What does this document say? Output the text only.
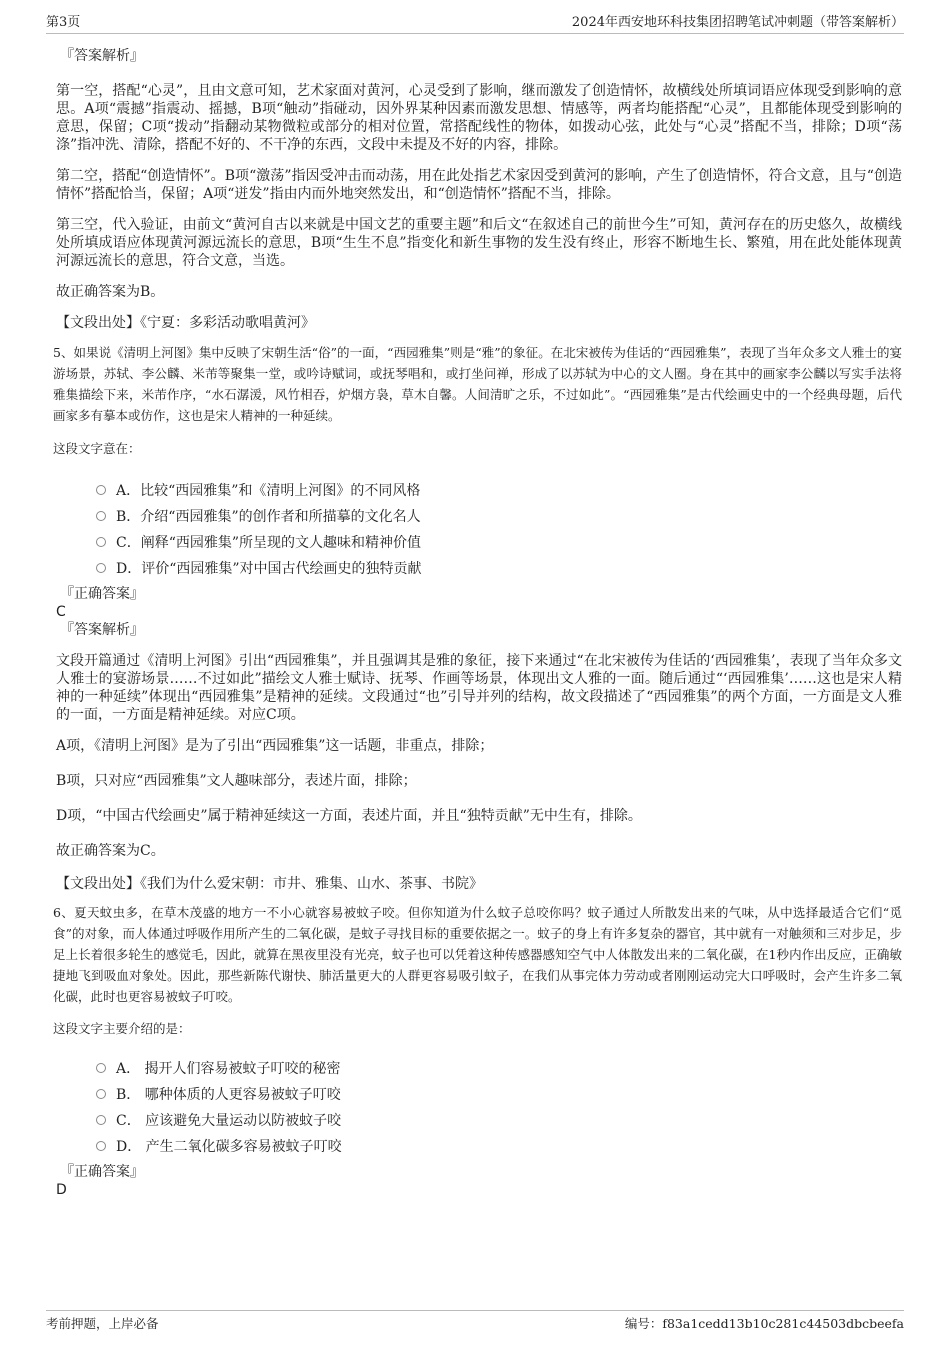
第3页	2024年西安地环科技集团招聘笔试冲刺题（带答案解析）
『答案解析』
第一空，搭配“心灵”，且由文意可知，艺术家面对黄河，心灵受到了影响，继而激发了创造情怀，故横线处所填词语应体现受到影响的意思。A项“震撼”指震动、摇撼，B项“触动”指碰动，因外界某种因素而激发思想、情感等，两者均能搭配“心灵”，且都能体现受到影响的意思，保留；C项“拨动”指翻动某物微粒或部分的相对位置，常搭配线性的物体，如拨动心弦，此处与“心灵”搭配不当，排除；D项“荡涤”指冲洗、清除，搭配不好的、不干净的东西，文段中未提及不好的内容，排除。
第二空，搭配“创造情怀”。B项“激荡”指因受冲击而动荡，用在此处指艺术家因受到黄河的影响，产生了创造情怀，符合文意，且与“创造情怀”搭配恰当，保留；A项“迸发”指由内而外地突然发出，和“创造情怀”搭配不当，排除。
第三空，代入验证，由前文“黄河自古以来就是中国文艺的重要主题”和后文“在叙述自己的前世今生”可知，黄河存在的历史悠久，故横线处所填成语应体现黄河源远流长的意思，B项“生生不息”指变化和新生事物的发生没有终止，形容不断地生长、繁殖，用在此处能体现黄河源远流长的意思，符合文意，当选。
故正确答案为B。
【文段出处】《宁夏：多彩活动歌唱黄河》
5、如果说《清明上河图》集中反映了宋朝生活“俗”的一面，“西园雅集”则是“雅”的象征。在北宋被传为佳话的“西园雅集”，表现了当年众多文人雅士的宴游场景，苏轼、李公麟、米芾等聚集一堂，或吟诗赋词，或抚琴唱和，或打坐问禅，形成了以苏轼为中心的文人圈。身在其中的画家李公麟以写实手法将雅集描绘下来，米芾作序，“水石潺湲，风竹相吞，炉烟方袅，草木自馨。人间清旷之乐，不过如此”。“西园雅集”是古代绘画史中的一个经典母题，后代画家多有摹本或仿作，这也是宋人精神的一种延续。
这段文字意在：
A．比较“西园雅集”和《清明上河图》的不同风格
B．介绍“西园雅集”的创作者和所描摹的文化名人
C．阐释“西园雅集”所呈现的文人趣味和精神价值
D．评价“西园雅集”对中国古代绘画史的独特贡献
『正确答案』
C
『答案解析』
文段开篇通过《清明上河图》引出“西园雅集”，并且强调其是雅的象征，接下来通过“在北宋被传为佳话的‘西园雅集’，表现了当年众多文人雅士的宴游场景……不过如此”描绘文人雅士赋诗、抚琴、作画等场景，体现出文人雅的一面。随后通过“‘西园雅集’……这也是宋人精神的一种延续”体现出“西园雅集”是精神的延续。文段通过“也”引导并列的结构，故文段描述了“西园雅集”的两个方面，一方面是文人雅的一面，一方面是精神延续。对应C项。
A项，《清明上河图》是为了引出“西园雅集”这一话题，非重点，排除；
B项，只对应“西园雅集”文人趣味部分，表述片面，排除；
D项，“中国古代绘画史”属于精神延续这一方面，表述片面，并且“独特贡献”无中生有，排除。
故正确答案为C。
【文段出处】《我们为什么爱宋朝：市井、雅集、山水、茶事、书院》
6、夏天蚊虫多，在草木茂盛的地方一不小心就容易被蚊子咬。但你知道为什么蚊子总咬你吗？蚊子通过人所散发出来的气味，从中选择最适合它们“觅食”的对象，而人体通过呼吸作用所产生的二氧化碳，是蚊子寻找目标的重要依据之一。蚊子的身上有许多复杂的器官，其中就有一对触须和三对步足，步足上长着很多轮生的感觉毛，因此，就算在黑夜里没有光亮，蚊子也可以凭着这种传感器感知空气中人体散发出来的二氧化碳，在1秒内作出反应，正确敏捷地飞到吸血对象处。因此，那些新陈代谢快、肺活量更大的人群更容易吸引蚊子，在我们从事完体力劳动或者刚刚运动完大口呼吸时，会产生许多二氧化碳，此时也更容易被蚊子叮咬。
这段文字主要介绍的是：
A． 揭开人们容易被蚊子叮咬的秘密
B． 哪种体质的人更容易被蚊子叮咬
C． 应该避免大量运动以防被蚊子咬
D． 产生二氧化碳多容易被蚊子叮咬
『正确答案』
D
考前押题，上岸必备	编号：f83a1cedd13b10c281c44503dbcbeefa
